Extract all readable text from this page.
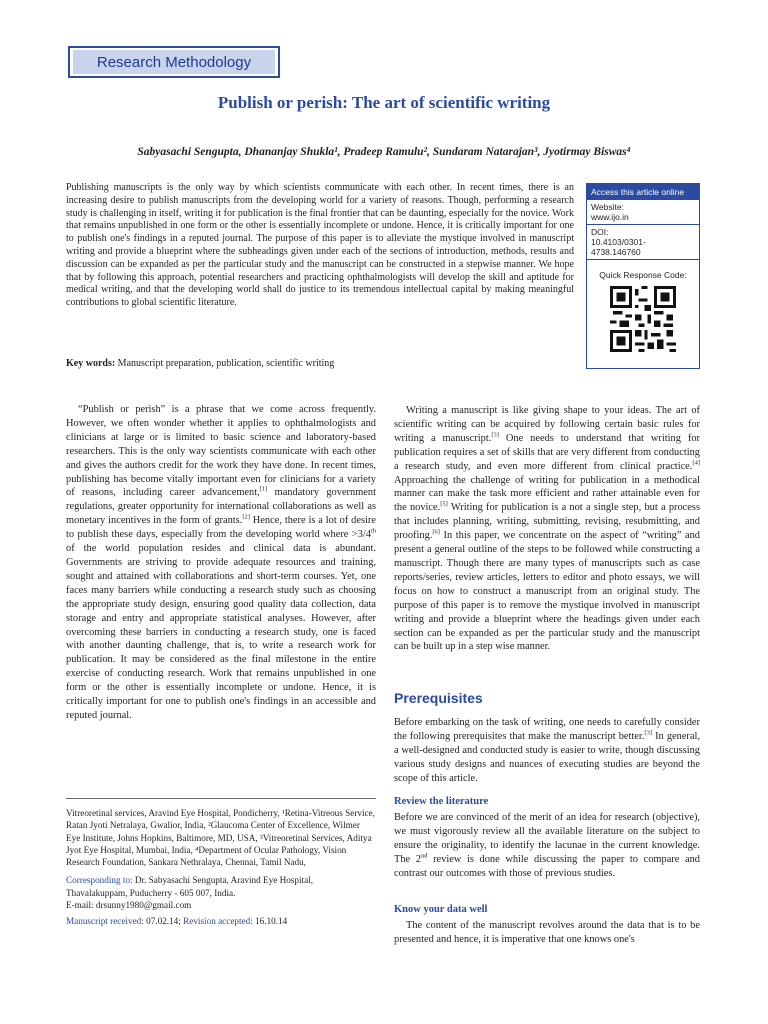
Research Methodology
Publish or perish: The art of scientific writing
Sabyasachi Sengupta, Dhananjay Shukla¹, Pradeep Ramulu², Sundaram Natarajan³, Jyotirmay Biswas⁴
Publishing manuscripts is the only way by which scientists communicate with each other. In recent times, there is an increasing desire to publish manuscripts from the developing world for a variety of reasons. Though, performing a research study is challenging in itself, writing it for publication is the final frontier that can be daunting, especially for the novice. Work that remains unpublished in one form or the other is essentially incomplete or undone. Hence, it is critically important for one to publish one's findings in a reputed journal. The purpose of this paper is to alleviate the mystique involved in manuscript writing and provide a blueprint where the subheadings given under each of the sections of introduction, methods, results and discussion can be expanded as per the particular study and the manuscript can be constructed in a stepwise manner. We hope that by following this approach, potential researchers and practicing ophthalmologists will develop the skill and aptitude for medical writing, and that the developing world shall do justice to its tremendous intellectual capital by making meaningful contributions to global scientific literature.
Key words: Manuscript preparation, publication, scientific writing
Access this article online
Website:
www.ijo.in
DOI:
10.4103/0301-4738.146760
Quick Response Code:
“Publish or perish” is a phrase that we come across frequently. However, we often wonder whether it applies to ophthalmologists and clinicians at large or is limited to basic science and laboratory-based researchers. This is the only way scientists communicate with each other and gives the authors credit for the work they have done. In recent times, publishing has become vitally important even for clinicians for a variety of reasons, including career advancement,[1] mandatory government regulations, greater opportunity for international collaborations as well as monetary incentives in the form of grants.[2] Hence, there is a lot of desire to publish these days, especially from the developing world where >3/4th of the world population resides and clinical data is abundant. Governments are striving to provide adequate resources and training, sought and attained with collaborations and short-term courses. Yet, one faces many barriers while conducting a research study such as choosing the appropriate study design, ensuring good quality data collection, data storage and entry and appropriate statistical analyses. However, after overcoming these barriers in conducting a research study, one is faced with another daunting challenge, that is, to write a research work for publication. It may be considered as the final milestone in the entire exercise of conducting research. Work that remains unpublished in one form or the other is essentially incomplete or undone. Hence, it is critically important for one to publish one's findings in an accessible and reputed journal.
Writing a manuscript is like giving shape to your ideas. The art of scientific writing can be acquired by following certain basic rules for writing a manuscript.[3] One needs to understand that writing for publication requires a set of skills that are very different from conducting a research study, and even more different from clinical practice.[4] Approaching the challenge of writing for publication in a methodical manner can make the task more efficient and rather attainable even for the novice.[5] Writing for publication is a not a single step, but a process that includes planning, writing, submitting, revising, resubmitting, and proofing.[6] In this paper, we concentrate on the aspect of “writing” and present a general outline of the steps to be followed while constructing a manuscript. Though there are many types of manuscripts such as case reports/series, review articles, letters to editor and photo essays, we will focus on how to construct a manuscript from an original study. The purpose of this paper is to remove the mystique involved in manuscript writing and provide a blueprint where the headings given under each section can be expanded as per the particular study and the manuscript can be built up in a step wise manner.
Prerequisites
Before embarking on the task of writing, one needs to carefully consider the following prerequisites that make the manuscript better.[3] In general, a well-designed and conducted study is easier to write, though discussing various study designs and nuances of executing studies are beyond the scope of this article.
Review the literature
Before we are convinced of the merit of an idea for research (objective), we must vigorously review all the available literature on the subject to ensure the originality, to identify the lacunae in the current knowledge. The 2nd review is done while discussing the paper to compare and contrast our outcomes with those of previous studies.
Know your data well
The content of the manuscript revolves around the data that is to be presented and hence, it is imperative that one knows one's
Vitreoretinal services, Aravind Eye Hospital, Pondicherry, ¹Retina-Vitreous Service, Ratan Jyoti Netralaya, Gwalior, India, ²Glaucoma Center of Excellence, Wilmer Eye Institute, Johns Hopkins, Baltimore, MD, USA, ³Vitreoretinal Services, Aditya Jyot Eye Hospital, Mumbai, India, ⁴Department of Ocular Pathology, Vision Research Foundation, Sankara Nethralaya, Chennai, Tamil Nadu,
Corresponding to: Dr. Sabyasachi Sengupta, Aravind Eye Hospital, Thavalakuppam, Puducherry - 605 007, India.
E-mail: drsunny1980@gmail.com
Manuscript received: 07.02.14; Revision accepted: 16.10.14
